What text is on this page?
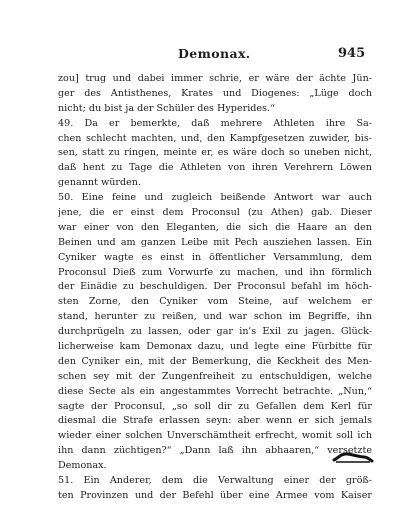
Demonax.	945
zou] trug und dabei immer schrie, er wäre der ächte Jün-
ger des Antisthenes, Krates und Diogenes: „Lüge doch
nicht; du bist ja der Schüler des Hyperides.“
49. Da er bemerkte, daß mehrere Athleten ihre Sa-
chen schlecht machten, und, den Kampfgesetzen zuwider, bis-
sen, statt zu ringen, meinte er, es wäre doch so uneben nicht,
daß hent zu Tage die Athleten von ihren Verehrern Löwen
genannt würden.
50. Eine feine und zugleich beißende Antwort war auch
jene, die er einst dem Proconsul (zu Athen) gab. Dieser
war einer von den Eleganten, die sich die Haare an den
Beinen und am ganzen Leibe mit Pech ausziehen lassen. Ein
Cyniker wagte es einst in öffentlicher Versammlung, dem
Proconsul Dieß zum Vorwurfe zu machen, und ihn förmlich
der Einädie zu beschuldigen. Der Proconsul befahl im höch-
sten Zorne, den Cyniker vom Steine, auf welchem er
stand, herunter zu reißen, und war schon im Begriffe, ihn
durchprügeln zu lassen, oder gar in's Exil zu jagen. Glück-
licherweise kam Demonax dazu, und legte eine Fürbitte für
den Cyniker ein, mit der Bemerkung, die Keckheit des Men-
schen sey mit der Zungenfreiheit zu entschuldigen, welche
diese Secte als ein angestammtes Vorrecht betrachte. „Nun,“
sagte der Proconsul, „so soll dir zu Gefallen dem Kerl für
diesmal die Strafe erlassen seyn: aber wenn er sich jemals
wieder einer solchen Unverschämtheit erfrecht, womit soll ich
ihn dann züchtigen?“ „Dann laß ihn abhaaren,“ versetzte
Demonax.
51. Ein Anderer, dem die Verwaltung einer der größ-
ten Provinzen und der Befehl über eine Armee vom Kaiser
